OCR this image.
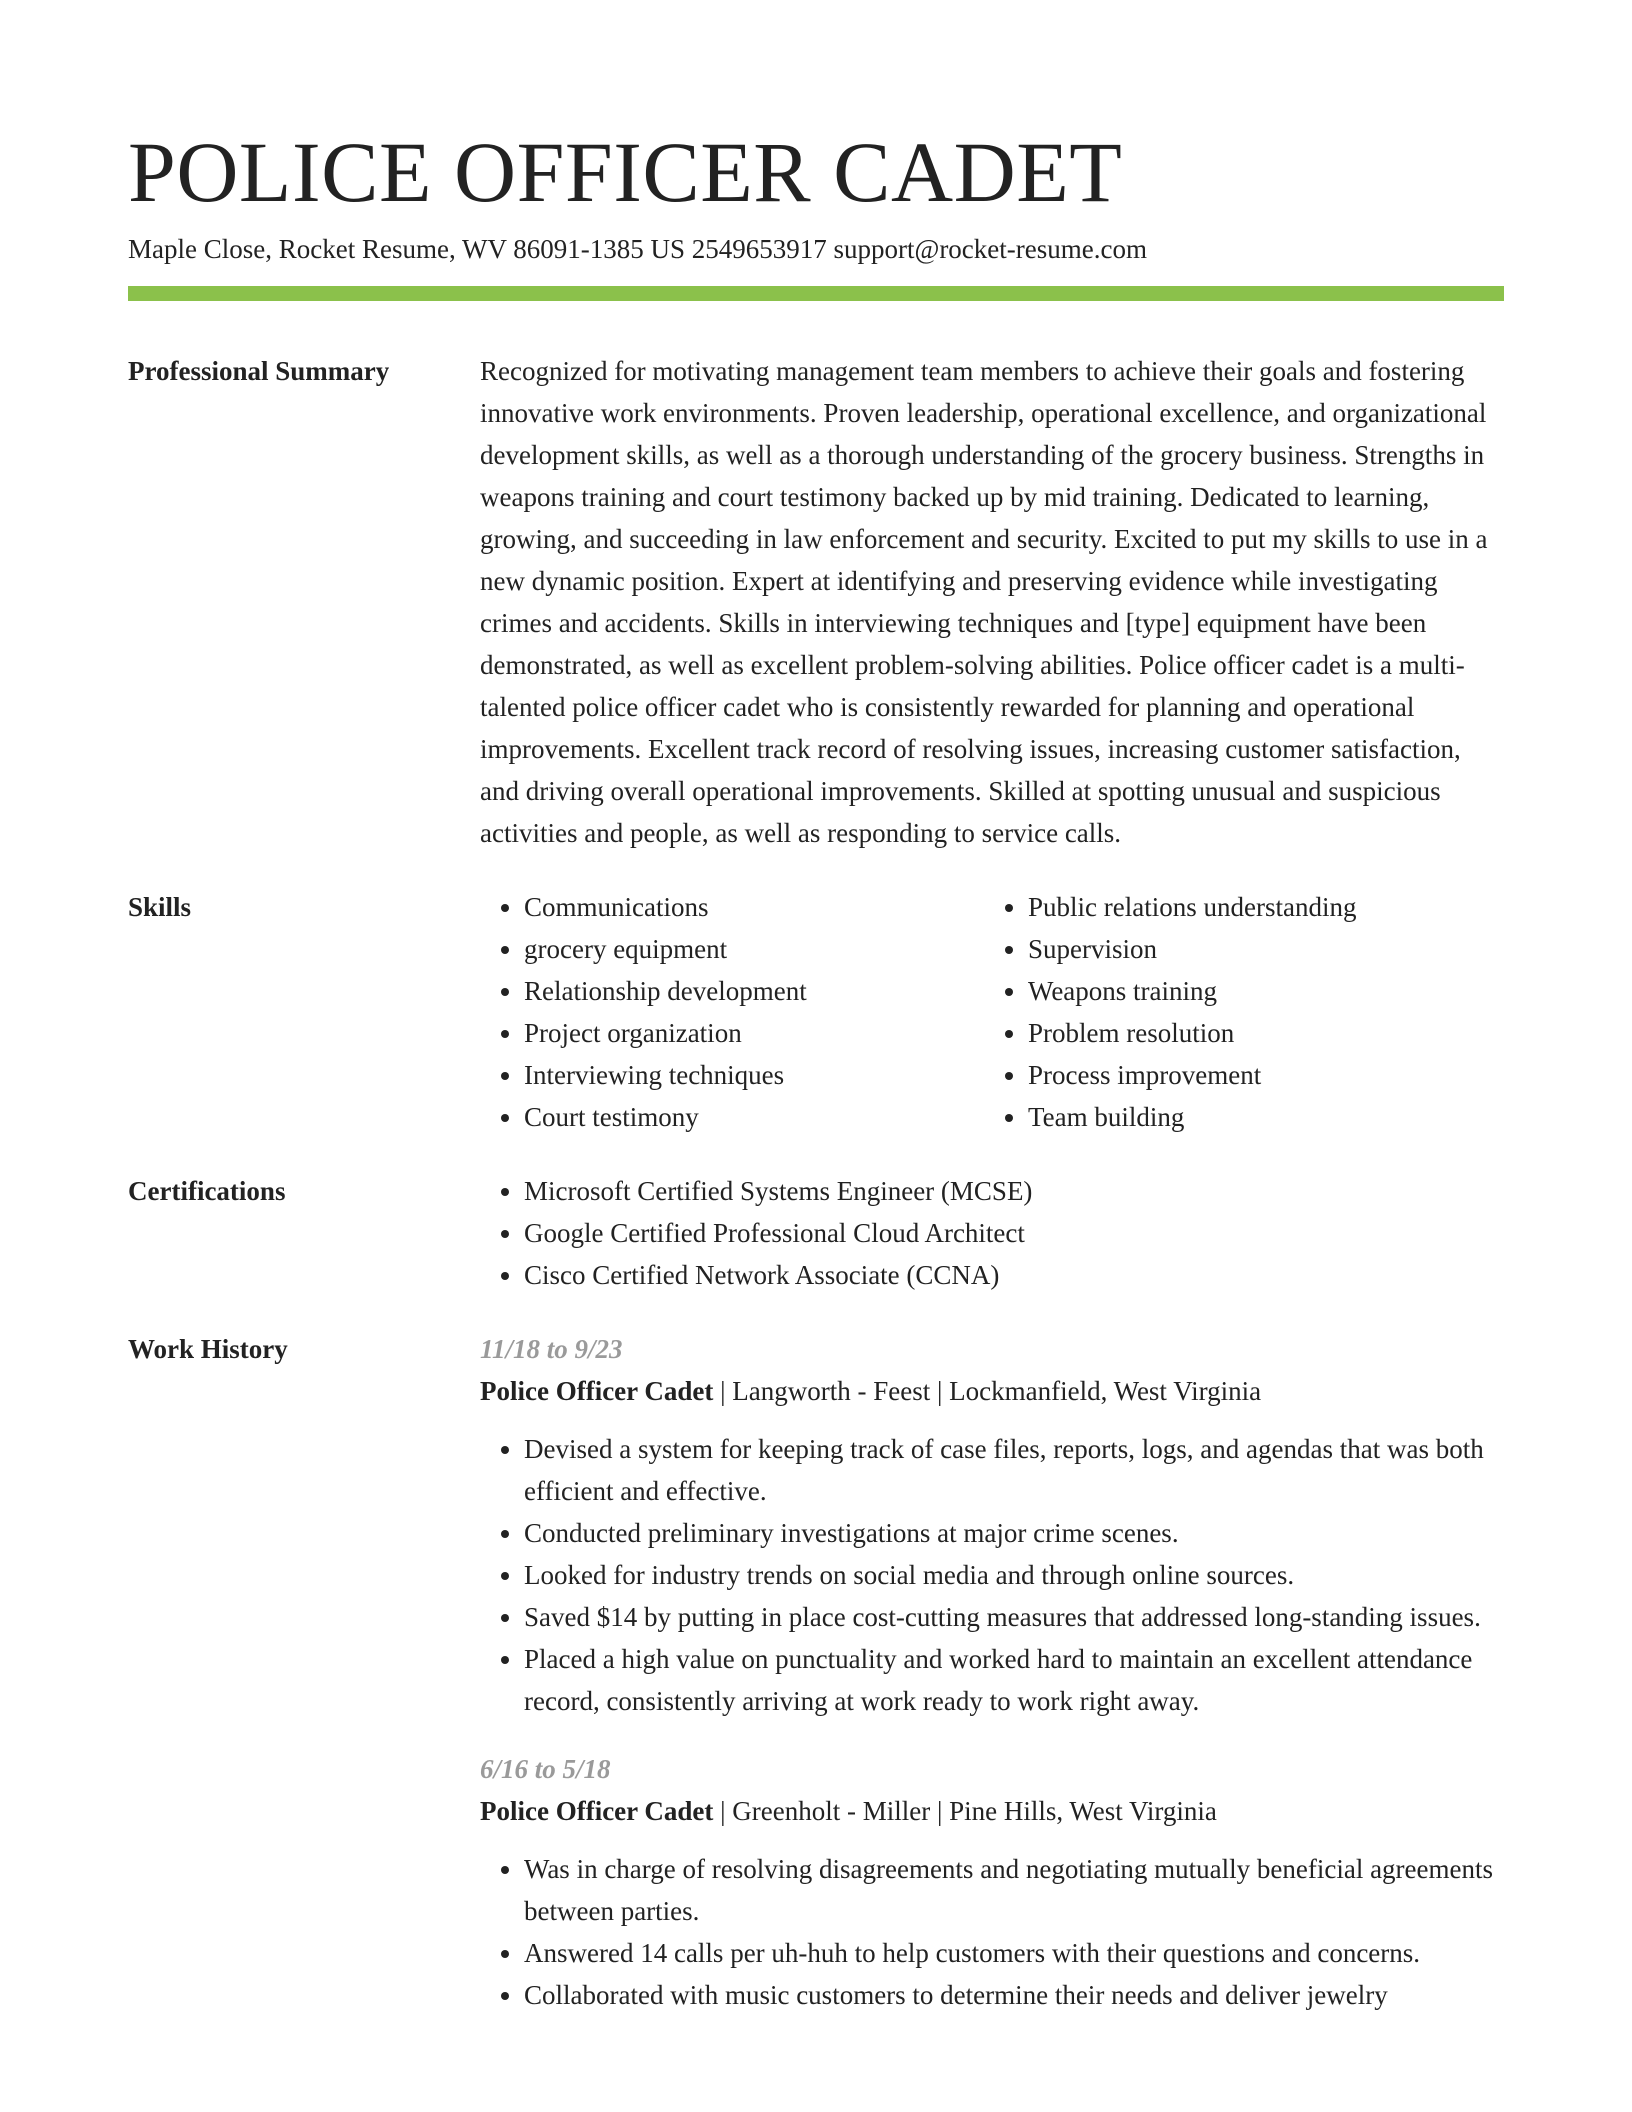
POLICE OFFICER CADET
Maple Close, Rocket Resume, WV 86091-1385 US 2549653917 support@rocket-resume.com
Professional Summary	Recognized for motivating management team members to achieve their goals and fostering innovative work environments. Proven leadership, operational excellence, and organizational development skills, as well as a thorough understanding of the grocery business. Strengths in weapons training and court testimony backed up by mid training. Dedicated to learning, growing, and succeeding in law enforcement and security. Excited to put my skills to use in a new dynamic position. Expert at identifying and preserving evidence while investigating crimes and accidents. Skills in interviewing techniques and [type] equipment have been demonstrated, as well as excellent problem-solving abilities. Police officer cadet is a multi-talented police officer cadet who is consistently rewarded for planning and operational improvements. Excellent track record of resolving issues, increasing customer satisfaction, and driving overall operational improvements. Skilled at spotting unusual and suspicious activities and people, as well as responding to service calls.

Skills	• Communications
• grocery equipment
• Relationship development
• Project organization
• Interviewing techniques
• Court testimony
• Public relations understanding
• Supervision
• Weapons training
• Problem resolution
• Process improvement
• Team building
Certifications	• Microsoft Certified Systems Engineer (MCSE)
• Google Certified Professional Cloud Architect
• Cisco Certified Network Associate (CCNA)
Work History	11/18 to 9/23
Police Officer Cadet | Langworth - Feest | Lockmanfield, West Virginia
• Devised a system for keeping track of case files, reports, logs, and agendas that was both efficient and effective.
• Conducted preliminary investigations at major crime scenes.
• Looked for industry trends on social media and through online sources.
• Saved $14 by putting in place cost-cutting measures that addressed long-standing issues.
• Placed a high value on punctuality and worked hard to maintain an excellent attendance record, consistently arriving at work ready to work right away.
6/16 to 5/18
Police Officer Cadet | Greenholt - Miller | Pine Hills, West Virginia
• Was in charge of resolving disagreements and negotiating mutually beneficial agreements between parties.
• Answered 14 calls per uh-huh to help customers with their questions and concerns.
• Collaborated with music customers to determine their needs and deliver jewelry
